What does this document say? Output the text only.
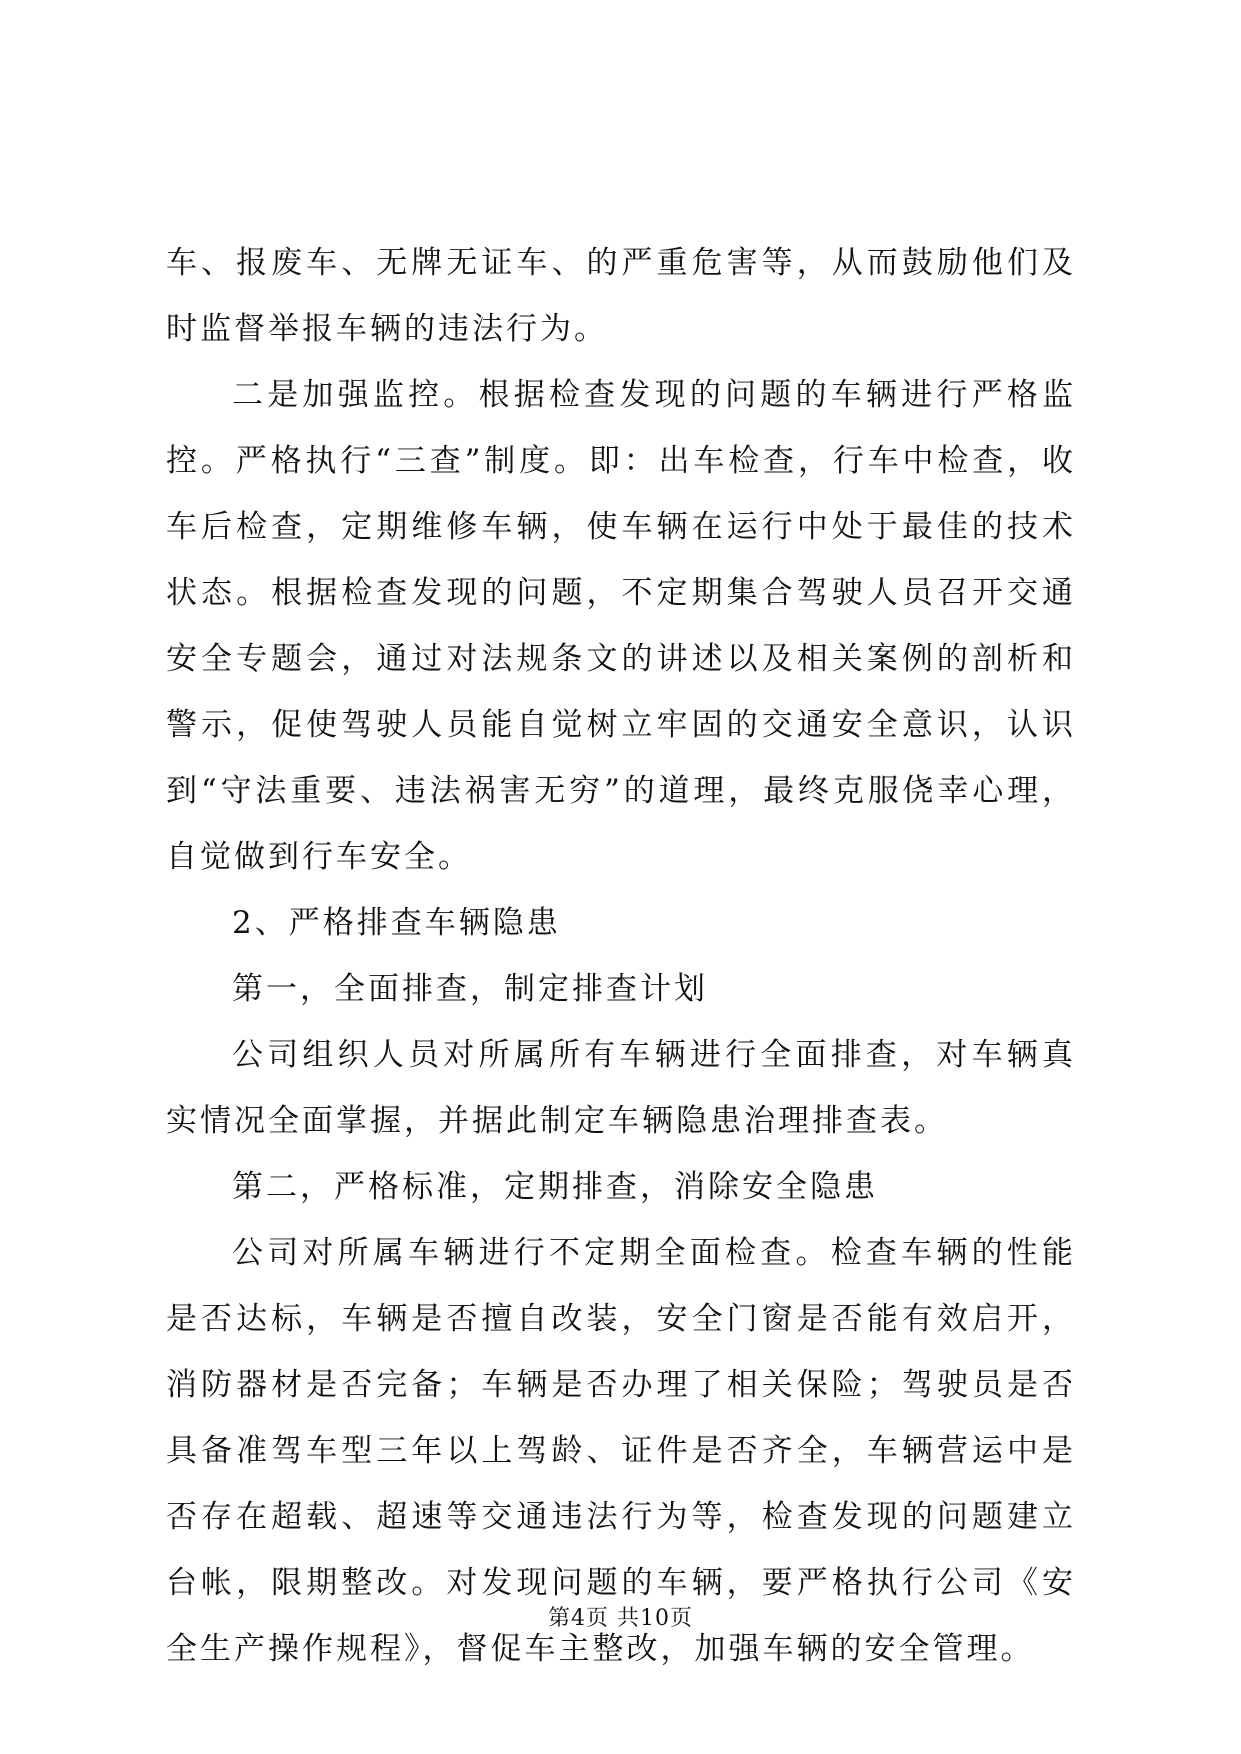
车、报废车、无牌无证车、的严重危害等，从而鼓励他们及时监督举报车辆的违法行为。

二是加强监控。根据检查发现的问题的车辆进行严格监控。严格执行“三查”制度。即：出车检查，行车中检查，收车后检查，定期维修车辆，使车辆在运行中处于最佳的技术状态。根据检查发现的问题，不定期集合驾驶人员召开交通安全专题会，通过对法规条文的讲述以及相关案例的剖析和警示，促使驾驶人员能自觉树立牢固的交通安全意识，认识到“守法重要、违法祸害无穷”的道理，最终克服侥幸心理，自觉做到行车安全。

2、严格排查车辆隐患

第一，全面排查，制定排查计划

公司组织人员对所属所有车辆进行全面排查，对车辆真实情况全面掌握，并据此制定车辆隐患治理排查表。

第二，严格标准，定期排查，消除安全隐患

公司对所属车辆进行不定期全面检查。检查车辆的性能是否达标，车辆是否擅自改装，安全门窗是否能有效启开，消防器材是否完备；车辆是否办理了相关保险；驾驶员是否具备准驾车型三年以上驾龄、证件是否齐全，车辆营运中是否存在超载、超速等交通违法行为等，检查发现的问题建立台帐，限期整改。对发现问题的车辆，要严格执行公司《安全生产操作规程》，督促车主整改，加强车辆的安全管理。

第4页 共10页
